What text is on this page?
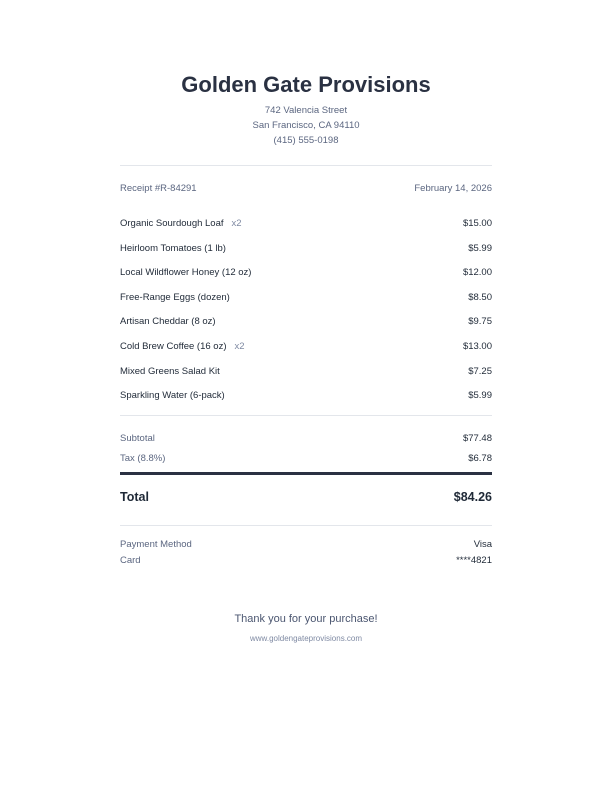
Golden Gate Provisions
742 Valencia Street
San Francisco, CA 94110
(415) 555-0198
Receipt #R-84291	February 14, 2026
Organic Sourdough Loaf x2	$15.00
Heirloom Tomatoes (1 lb)	$5.99
Local Wildflower Honey (12 oz)	$12.00
Free-Range Eggs (dozen)	$8.50
Artisan Cheddar (8 oz)	$9.75
Cold Brew Coffee (16 oz) x2	$13.00
Mixed Greens Salad Kit	$7.25
Sparkling Water (6-pack)	$5.99
Subtotal	$77.48
Tax (8.8%)	$6.78
Total	$84.26
Payment Method	Visa
Card	****4821
Thank you for your purchase!
www.goldengateprovisions.com
